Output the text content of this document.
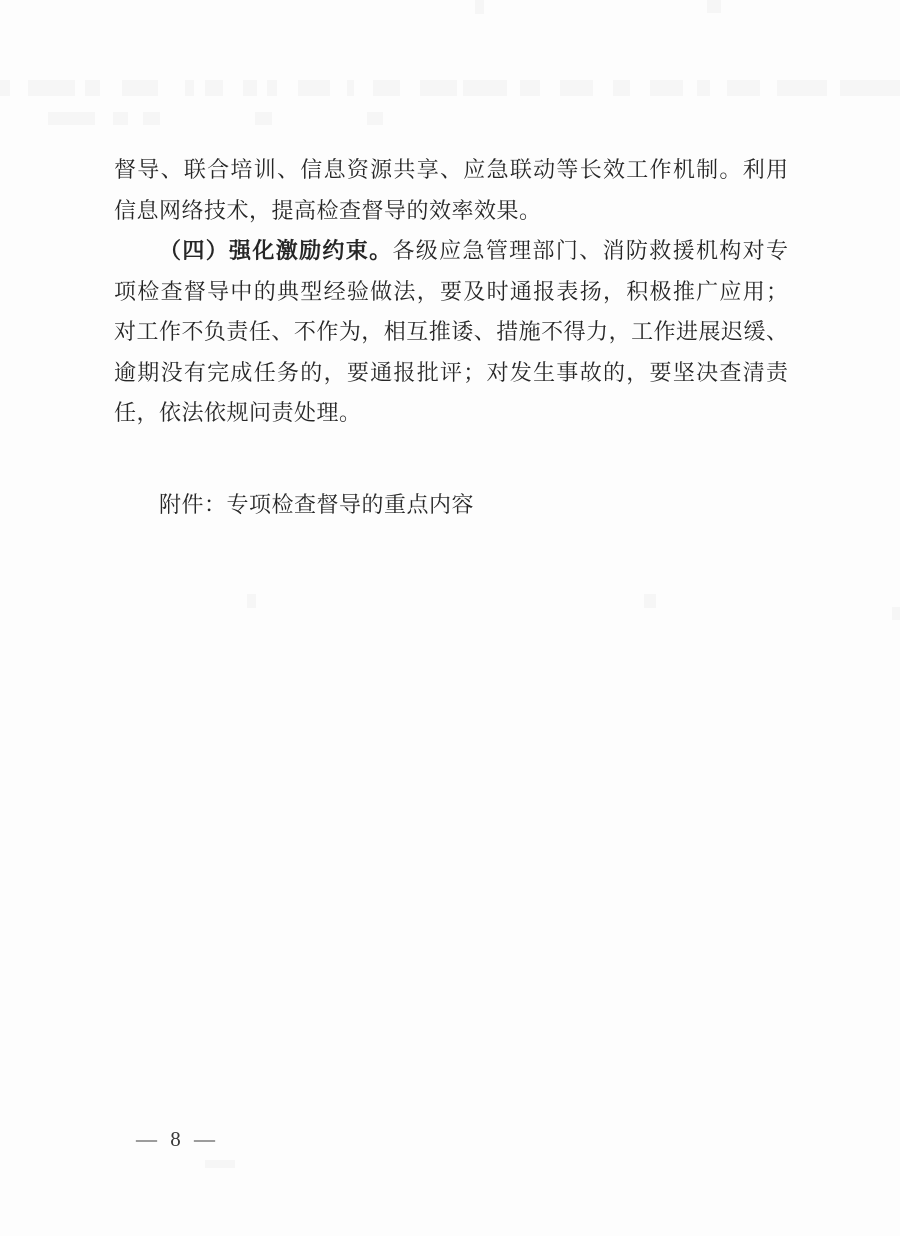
督导、联合培训、信息资源共享、应急联动等长效工作机制。利用
信息网络技术，提高检查督导的效率效果。
（四）强化激励约束。各级应急管理部门、消防救援机构对专
项检查督导中的典型经验做法，要及时通报表扬，积极推广应用；
对工作不负责任、不作为，相互推诿、措施不得力，工作进展迟缓、
逾期没有完成任务的，要通报批评；对发生事故的，要坚决查清责
任，依法依规问责处理。
附件：专项检查督导的重点内容
— 8 —
